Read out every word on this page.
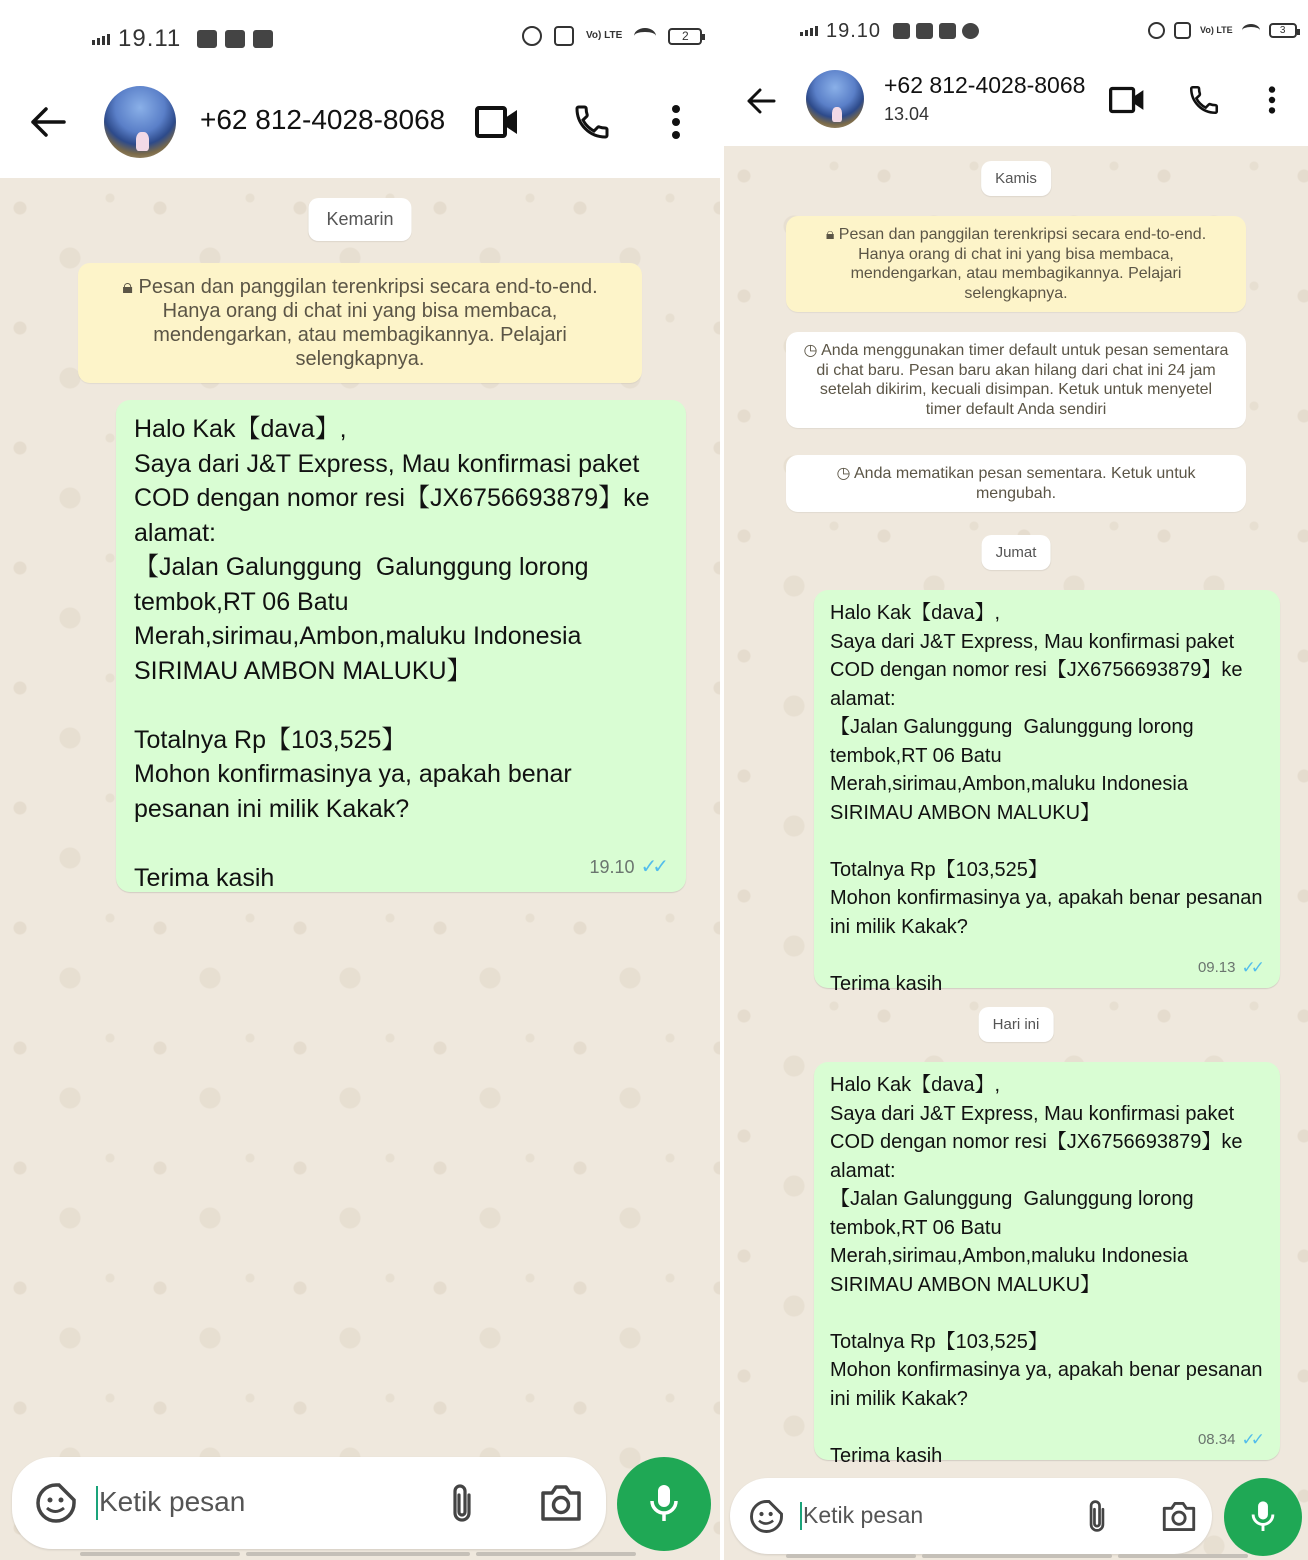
19.11	Vo) LTE	2
+62 812-4028-8068
Kemarin
🔒︎ Pesan dan panggilan terenkripsi secara end-to-end. Hanya orang di chat ini yang bisa membaca, mendengarkan, atau membagikannya. Pelajari selengkapnya.
Halo Kak【dava】,
Saya dari J&T Express, Mau konfirmasi paket COD dengan nomor resi【JX6756693879】ke alamat:
【Jalan Galunggung  Galunggung lorong tembok,RT 06 Batu Merah,sirimau,Ambon,maluku Indonesia SIRIMAU AMBON MALUKU】

Totalnya Rp【103,525】
Mohon konfirmasinya ya, apakah benar pesanan ini milik Kakak?

Terima kasih	19.10 ✓✓
Ketik pesan
19.10	Vo) LTE	3
+62 812-4028-8068
13.04
Kamis
🔒︎ Pesan dan panggilan terenkripsi secara end-to-end. Hanya orang di chat ini yang bisa membaca, mendengarkan, atau membagikannya. Pelajari selengkapnya.
◷ Anda menggunakan timer default untuk pesan sementara di chat baru. Pesan baru akan hilang dari chat ini 24 jam setelah dikirim, kecuali disimpan. Ketuk untuk menyetel timer default Anda sendiri
◷ Anda mematikan pesan sementara. Ketuk untuk mengubah.
Jumat
Halo Kak【dava】,
Saya dari J&T Express, Mau konfirmasi paket COD dengan nomor resi【JX6756693879】ke alamat:
【Jalan Galunggung  Galunggung lorong tembok,RT 06 Batu Merah,sirimau,Ambon,maluku Indonesia SIRIMAU AMBON MALUKU】

Totalnya Rp【103,525】
Mohon konfirmasinya ya, apakah benar pesanan ini milik Kakak?

Terima kasih
09.13 ✓✓
Hari ini
Halo Kak【dava】,
Saya dari J&T Express, Mau konfirmasi paket COD dengan nomor resi【JX6756693879】ke alamat:
【Jalan Galunggung  Galunggung lorong tembok,RT 06 Batu Merah,sirimau,Ambon,maluku Indonesia SIRIMAU AMBON MALUKU】

Totalnya Rp【103,525】
Mohon konfirmasinya ya, apakah benar pesanan ini milik Kakak?

Terima kasih
08.34 ✓✓
Ketik pesan
